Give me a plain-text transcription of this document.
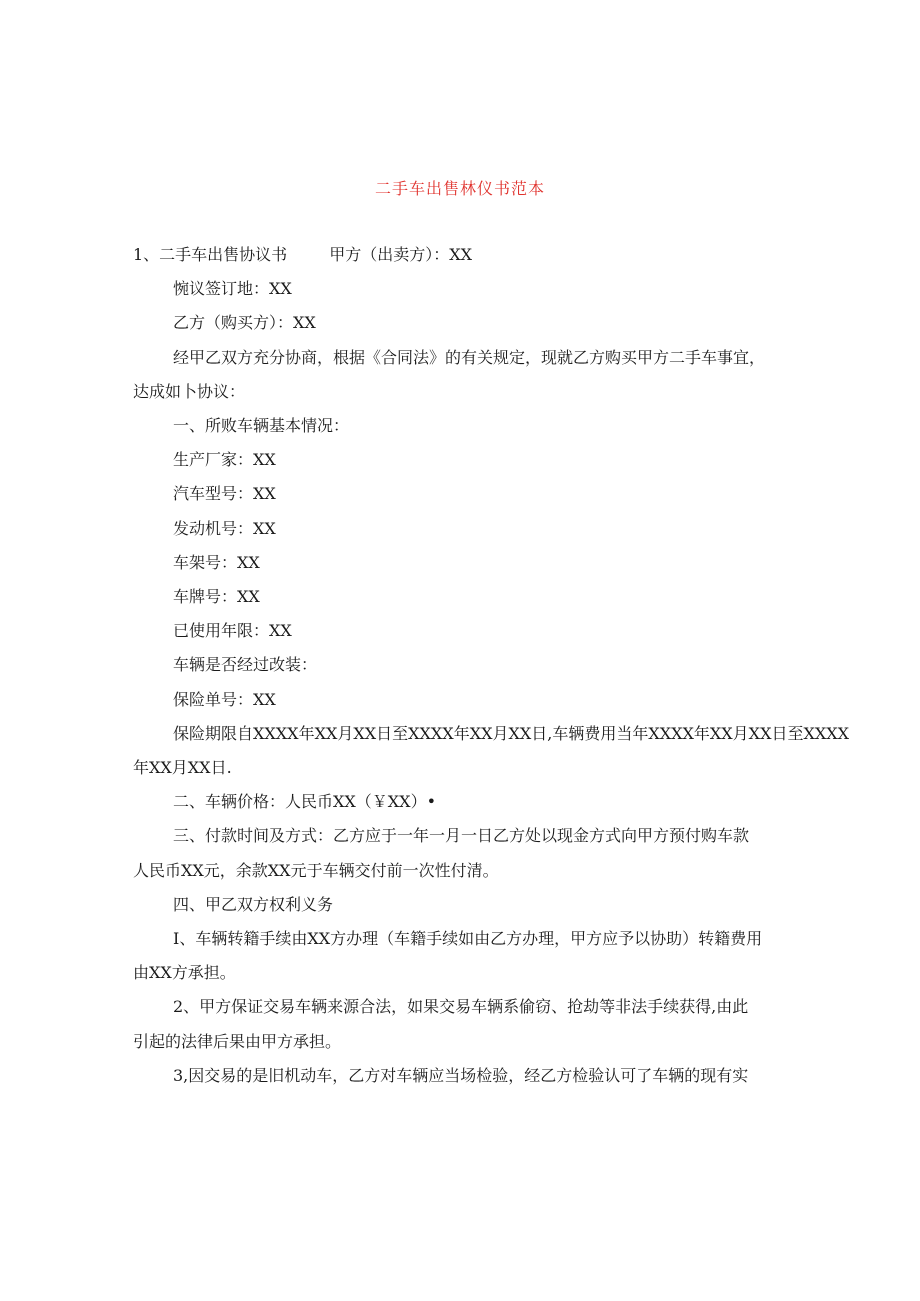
二手车出售林仪书范本

1、二手车出售协议书	甲方（出卖方）：XX

惋议签订地：XX

乙方（购买方）：XX

经甲乙双方充分协商，根据《合同法》的有关规定，现就乙方购买甲方二手车事宜，

达成如卜协议：

一、所败车辆基本情况：

生产厂家：XX

汽车型号：XX

发动机号：XX

车架号：XX

车牌号：XX

已使用年限：XX

车辆是否经过改装：

保险单号：XX

保险期限自XXXX年XX月XX日至XXXX年XX月XX日,车辆费用当年XXXX年XX月XX日至XXXX

年XX月XX日.

二、车辆价格：人民币XX（￥XX）•

三、付款时间及方式：乙方应于一年一月一日乙方处以现金方式向甲方预付购车款

人民币XX元，余款XX元于车辆交付前一次性付清。

四、甲乙双方权利义务

I、车辆转籍手续由XX方办理（车籍手续如由乙方办理，甲方应予以协助）转籍费用

由XX方承担。

2、甲方保证交易车辆来源合法，如果交易车辆系偷窃、抢劫等非法手续获得,由此

引起的法律后果由甲方承担。

3,因交易的是旧机动车，乙方对车辆应当场检验，经乙方检验认可了车辆的现有实
